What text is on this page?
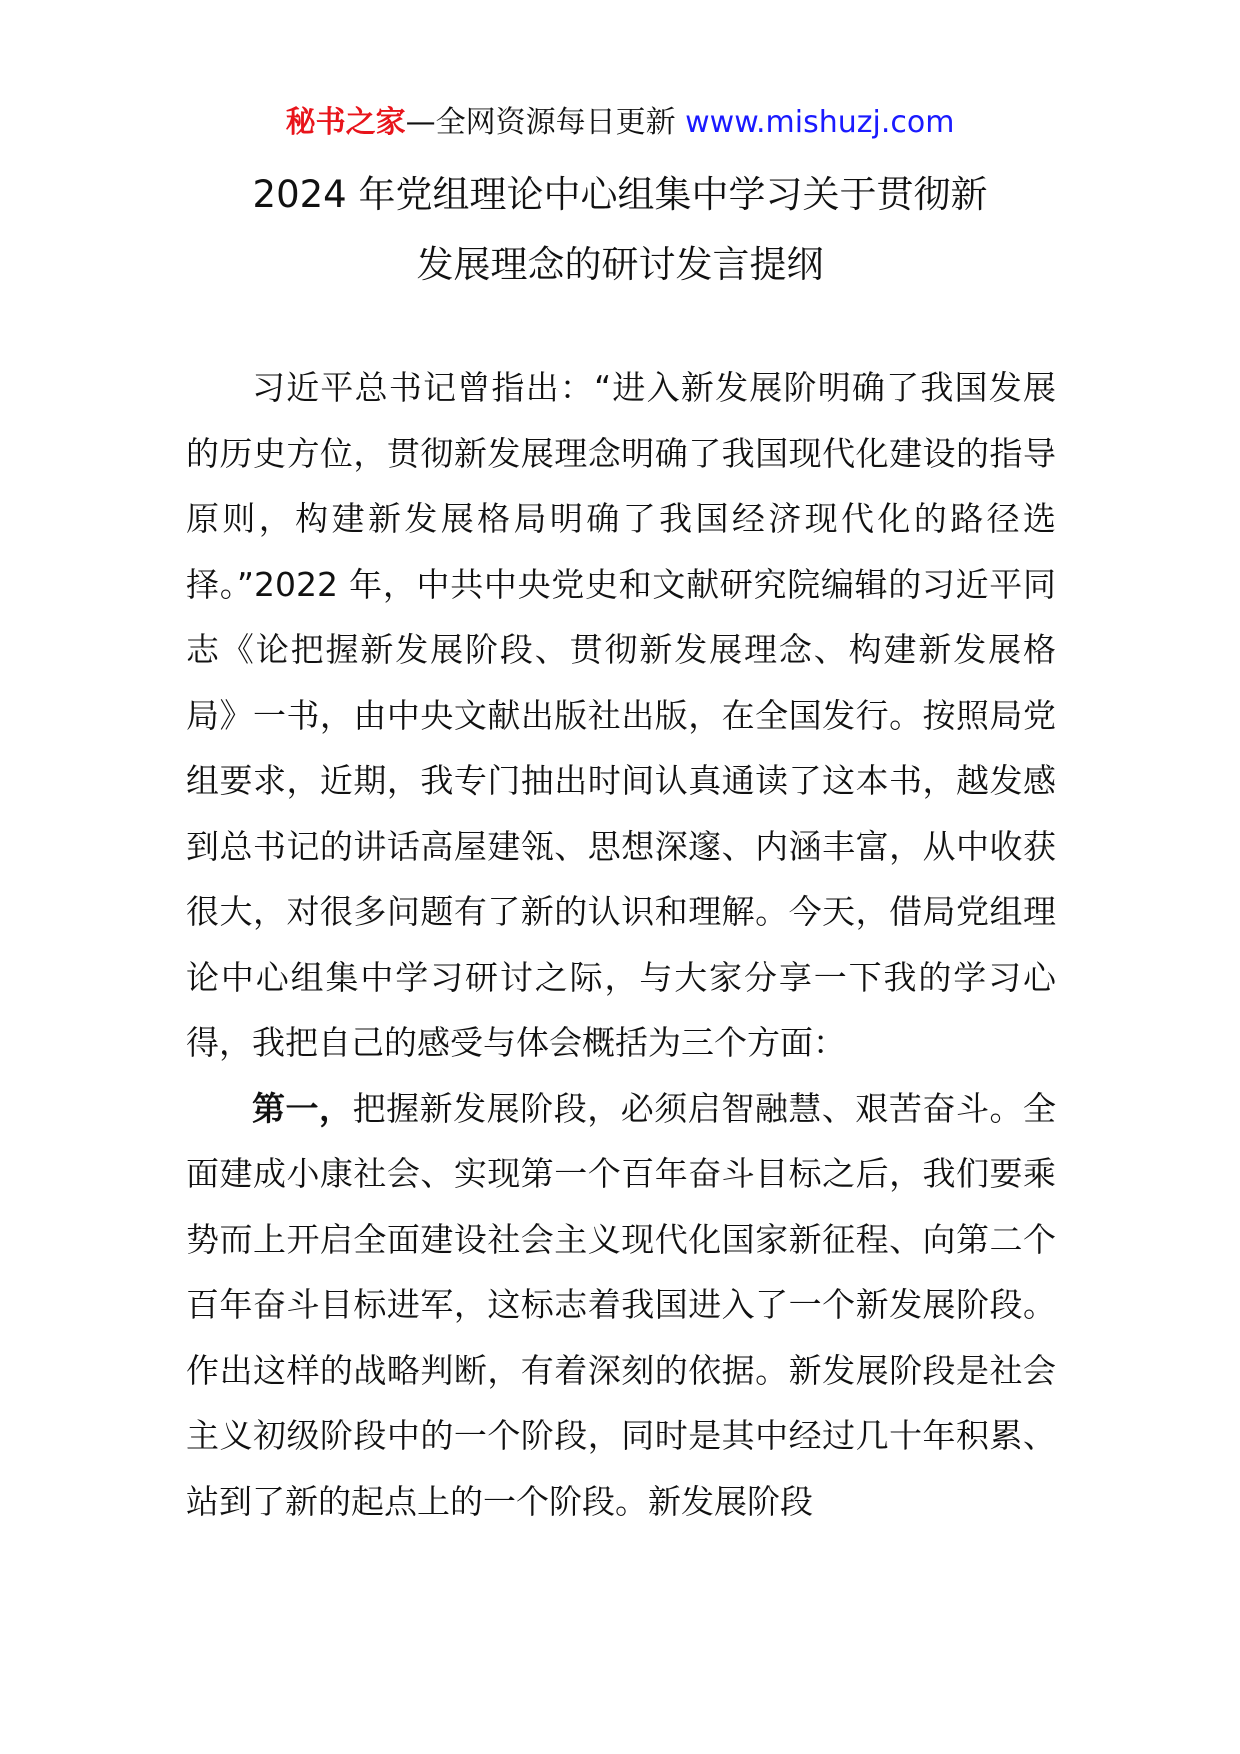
秘书之家—全网资源每日更新 www.mishuzj.com
2024 年党组理论中心组集中学习关于贯彻新
发展理念的研讨发言提纲

习近平总书记曾指出：“进入新发展阶明确了我国发展的历史方位，贯彻新发展理念明确了我国现代化建设的指导原则，构建新发展格局明确了我国经济现代化的路径选择。”2022 年，中共中央党史和文献研究院编辑的习近平同志《论把握新发展阶段、贯彻新发展理念、构建新发展格局》一书，由中央文献出版社出版，在全国发行。按照局党组要求，近期，我专门抽出时间认真通读了这本书，越发感到总书记的讲话高屋建瓴、思想深邃、内涵丰富，从中收获很大，对很多问题有了新的认识和理解。今天，借局党组理论中心组集中学习研讨之际，与大家分享一下我的学习心得，我把自己的感受与体会概括为三个方面：

第一，把握新发展阶段，必须启智融慧、艰苦奋斗。全面建成小康社会、实现第一个百年奋斗目标之后，我们要乘势而上开启全面建设社会主义现代化国家新征程、向第二个百年奋斗目标进军，这标志着我国进入了一个新发展阶段。作出这样的战略判断，有着深刻的依据。新发展阶段是社会主义初级阶段中的一个阶段，同时是其中经过几十年积累、站到了新的起点上的一个阶段。新发展阶段
